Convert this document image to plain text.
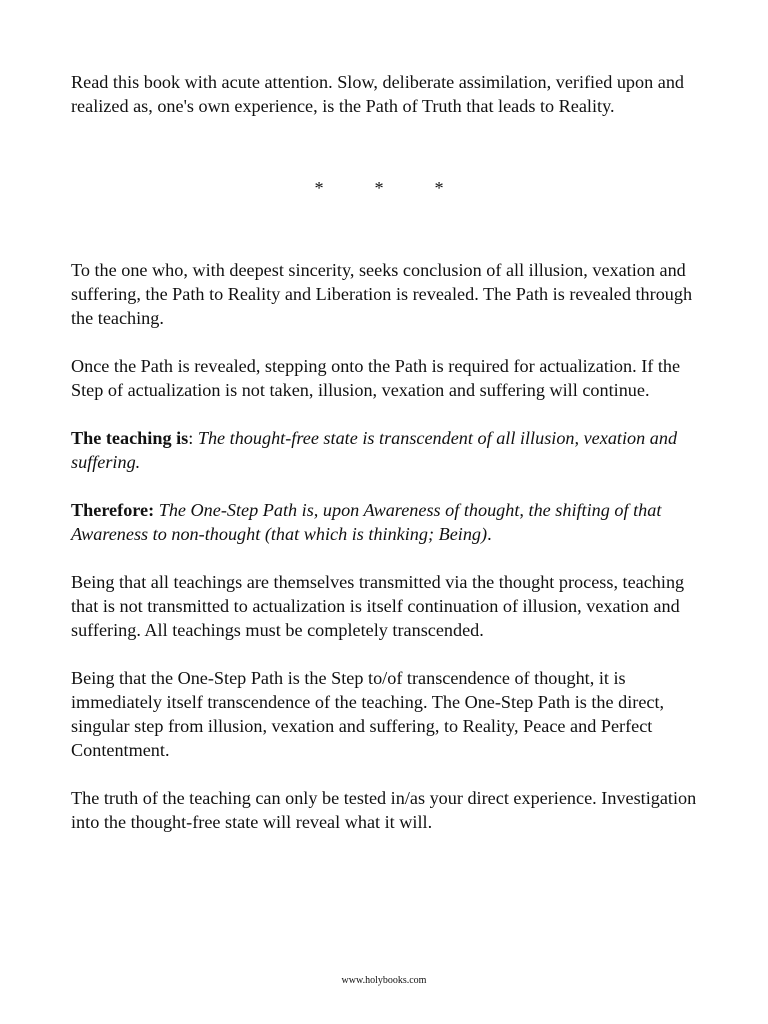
Read this book with acute attention. Slow, deliberate assimilation, verified upon and realized as, one's own experience, is the Path of Truth that leads to Reality.

*	*	*

To the one who, with deepest sincerity, seeks conclusion of all illusion, vexation and suffering, the Path to Reality and Liberation is revealed. The Path is revealed through the teaching.

Once the Path is revealed, stepping onto the Path is required for actualization. If the Step of actualization is not taken, illusion, vexation and suffering will continue.

The teaching is: The thought-free state is transcendent of all illusion, vexation and suffering.

Therefore: The One-Step Path is, upon Awareness of thought, the shifting of that Awareness to non-thought (that which is thinking; Being).

Being that all teachings are themselves transmitted via the thought process, teaching that is not transmitted to actualization is itself continuation of illusion, vexation and suffering. All teachings must be completely transcended.

Being that the One-Step Path is the Step to/of transcendence of thought, it is immediately itself transcendence of the teaching. The One-Step Path is the direct, singular step from illusion, vexation and suffering, to Reality, Peace and Perfect Contentment.

The truth of the teaching can only be tested in/as your direct experience. Investigation into the thought-free state will reveal what it will.

www.holybooks.com
